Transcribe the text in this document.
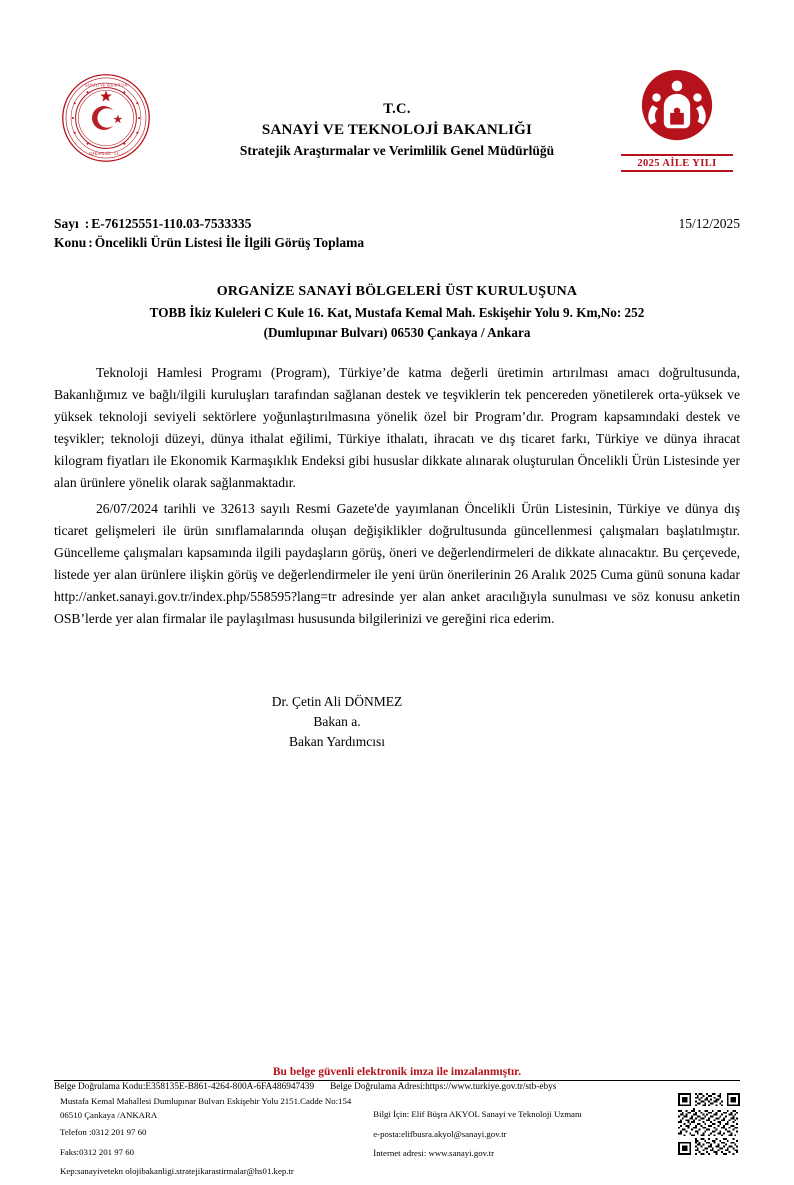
SANAYİ VE TEKNOLOJİ
BAKANLIĞI · T.C. ·
2025 AİLE YILI
T.C.
SANAYİ VE TEKNOLOJİ BAKANLIĞI
Stratejik Araştırmalar ve Verimlilik Genel Müdürlüğü
15/12/2025
Sayı : E-76125551-110.03-7533335
Konu : Öncelikli Ürün Listesi İle İlgili Görüş Toplama
ORGANİZE SANAYİ BÖLGELERİ ÜST KURULUŞUNA
TOBB İkiz Kuleleri C Kule 16. Kat, Mustafa Kemal Mah. Eskişehir Yolu 9. Km,No: 252
(Dumlupınar Bulvarı) 06530 Çankaya / Ankara

Teknoloji Hamlesi Programı (Program), Türkiye’de katma değerli üretimin artırılması amacı doğrultusunda, Bakanlığımız ve bağlı/ilgili kuruluşları tarafından sağlanan destek ve teşviklerin tek pencereden yönetilerek orta-yüksek ve yüksek teknoloji seviyeli sektörlere yoğunlaştırılmasına yönelik özel bir Program’dır. Program kapsamındaki destek ve teşvikler; teknoloji düzeyi, dünya ithalat eğilimi, Türkiye ithalatı, ihracatı ve dış ticaret farkı, Türkiye ve dünya ihracat kilogram fiyatları ile Ekonomik Karmaşıklık Endeksi gibi hususlar dikkate alınarak oluşturulan Öncelikli Ürün Listesinde yer alan ürünlere yönelik olarak sağlanmaktadır.

26/07/2024 tarihli ve 32613 sayılı Resmi Gazete'de yayımlanan Öncelikli Ürün Listesinin, Türkiye ve dünya dış ticaret gelişmeleri ile ürün sınıflamalarında oluşan değişiklikler doğrultusunda güncellenmesi çalışmaları başlatılmıştır. Güncelleme çalışmaları kapsamında ilgili paydaşların görüş, öneri ve değerlendirmeleri de dikkate alınacaktır. Bu çerçevede, listede yer alan ürünlere ilişkin görüş ve değerlendirmeler ile yeni ürün önerilerinin 26 Aralık 2025 Cuma günü sonuna kadar http://anket.sanayi.gov.tr/index.php/558595?lang=tr adresinde yer alan anket aracılığıyla sunulması ve söz konusu anketin OSB’lerde yer alan firmalar ile paylaşılması hususunda bilgilerinizi ve gereğini rica ederim.

Dr. Çetin Ali DÖNMEZ
Bakan a.
Bakan Yardımcısı
Bu belge güvenli elektronik imza ile imzalanmıştır.
Belge Doğrulama Kodu:E358135E-B861-4264-800A-6FA486947439 Belge Doğrulama Adresi:https://www.turkiye.gov.tr/stb-ebys
Mustafa Kemal Mahallesi Dumlupınar Bulvarı Eskişehir Yolu 2151.Cadde No:154 06510 Çankaya /ANKARA
Telefon :0312 201 97 60
Faks:0312 201 97 60
Kep:sanayivetekn olojibakanligi.stratejikarastirmalar@hs01.kep.tr
Bilgi İçin: Elif Büşra AKYOL Sanayi ve Teknoloji Uzmanı
e-posta:elifbusra.akyol@sanayi.gov.tr
İnternet adresi: www.sanayi.gov.tr
